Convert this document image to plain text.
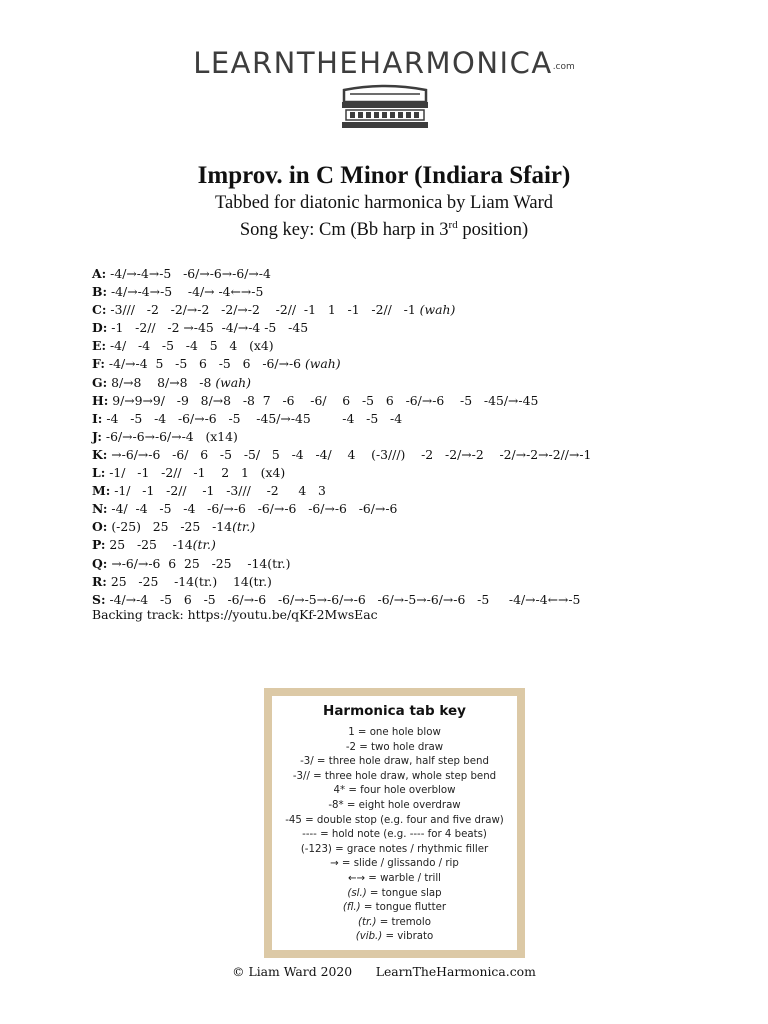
$LEARNTHEHARMONICA^{.com}$
Improv. in C Minor (Indiara Sfair)
Tabbed for diatonic harmonica by Liam Ward
Song key: Cm (Bb harp in 3rd position)
A: -4/→-4→-5   -6/→-6→-6/→-4
B: -4/→-4→-5    -4/→ -4←→-5
C: -3///   -2   -2/→-2   -2/→-2    -2//  -1   1   -1   -2//   -1 (wah)
D: -1   -2//   -2 →-45  -4/→-4 -5   -45
E: -4/   -4   -5   -4   5   4   (x4)
F: -4/→-4  5   -5   6   -5   6   -6/→-6 (wah)
G: 8/→8    8/→8   -8 (wah)
H: 9/→9→9/   -9   8/→8   -8  7   -6    -6/    6   -5   6   -6/→-6    -5   -45/→-45
I: -4   -5   -4   -6/→-6   -5    -45/→-45        -4   -5   -4
J: -6/→-6→-6/→-4   (x14)
K: →-6/→-6   -6/   6   -5   -5/   5   -4   -4/    4    (-3///)    -2   -2/→-2    -2/→-2→-2//→-1
L: -1/   -1   -2//   -1    2   1   (x4)
M: -1/   -1   -2//    -1   -3///    -2     4   3
N: -4/  -4   -5   -4   -6/→-6   -6/→-6   -6/→-6   -6/→-6
O: (-25)   25   -25   -14(tr.)
P: 25   -25    -14(tr.)
Q: →-6/→-6  6  25   -25    -14(tr.)
R: 25   -25    -14(tr.)    14(tr.)
S: -4/→-4   -5   6   -5   -6/→-6   -6/→-5→-6/→-6   -6/→-5→-6/→-6   -5     -4/→-4←→-5
Backing track: https://youtu.be/qKf-2MwsEac
Harmonica tab key
1 = one hole blow
-2 = two hole draw
-3/ = three hole draw, half step bend
-3// = three hole draw, whole step bend
4* = four hole overblow
-8* = eight hole overdraw
-45 = double stop (e.g. four and five draw)
---- = hold note (e.g. ---- for 4 beats)
(-123) = grace notes / rhythmic filler
→ = slide / glissando / rip
←→ = warble / trill
(sl.) = tongue slap
(fl.) = tongue flutter
(tr.) = tremolo
(vib.) = vibrato
© Liam Ward 2020      LearnTheHarmonica.com
